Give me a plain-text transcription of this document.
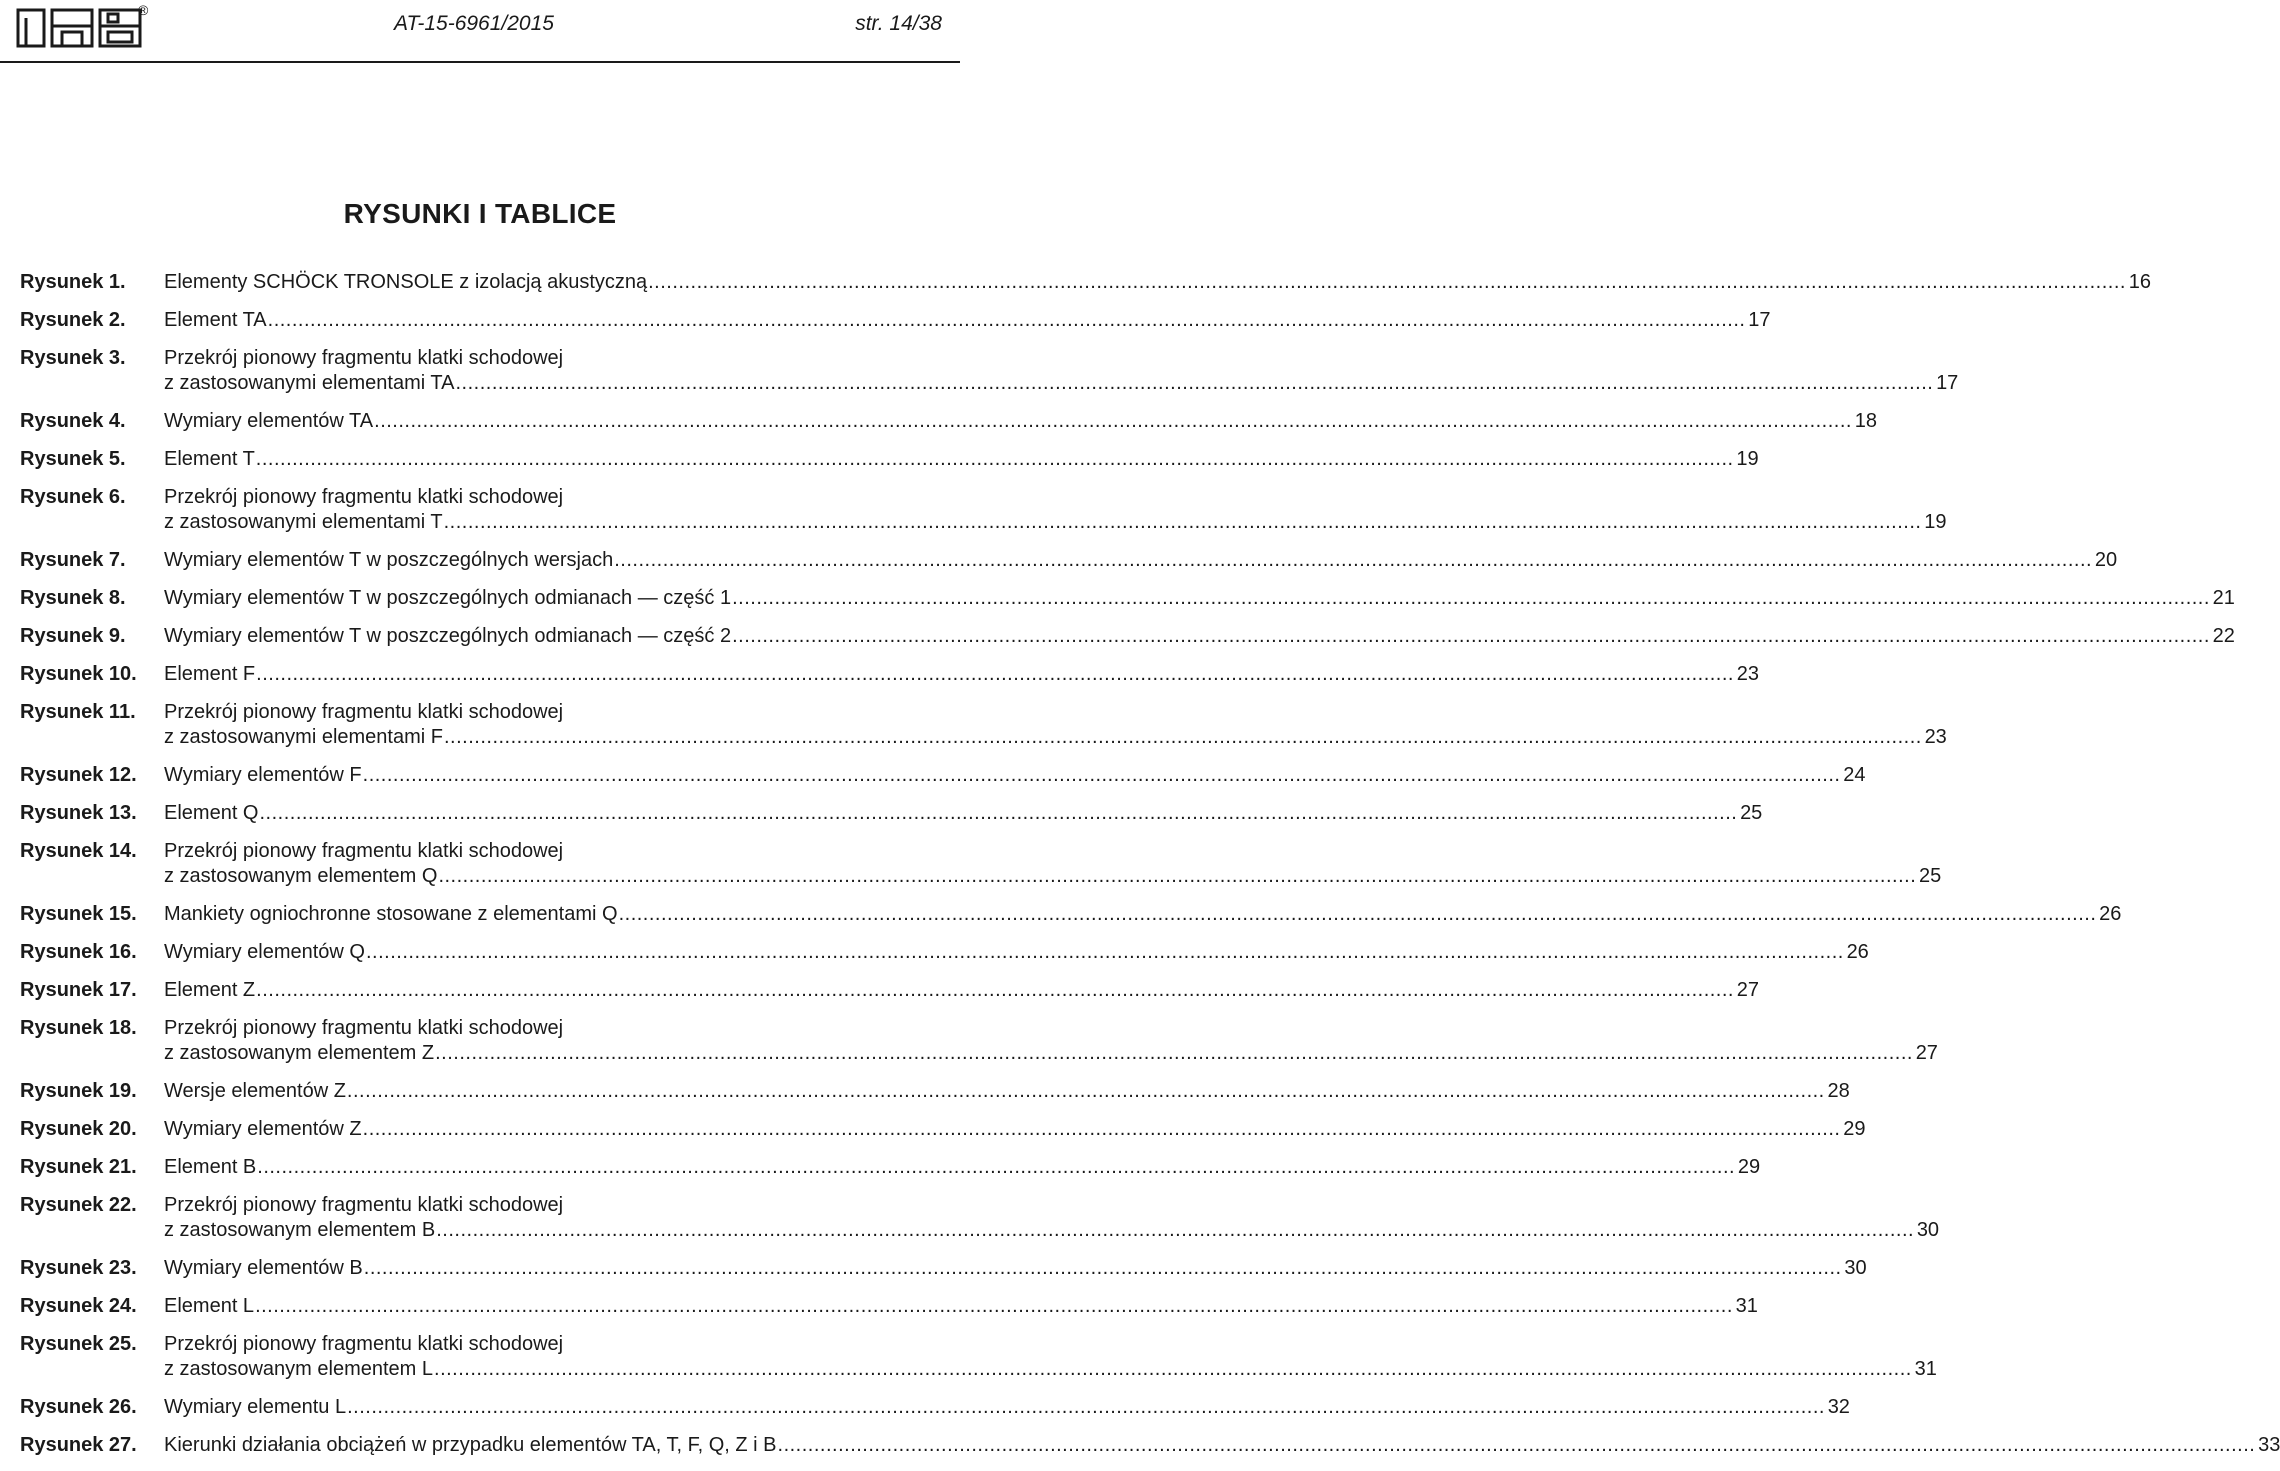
®
AT-15-6961/2015	str. 14/38
RYSUNKI I TABLICE
Rysunek 1.	Elementy SCHÖCK TRONSOLE z izolacją akustyczną .....	16
Rysunek 2.	Element TA .....	17
Rysunek 3.	Przekrój pionowy fragmentu klatki schodowej
z zastosowanymi elementami TA .....	17
Rysunek 4.	Wymiary elementów TA .....	18
Rysunek 5.	Element T .....	19
Rysunek 6.	Przekrój pionowy fragmentu klatki schodowej
z zastosowanymi elementami T .....	19
Rysunek 7.	Wymiary elementów T w poszczególnych wersjach .....	20
Rysunek 8.	Wymiary elementów T w poszczególnych odmianach — część 1 .....	21
Rysunek 9.	Wymiary elementów T w poszczególnych odmianach — część 2 .....	22
Rysunek 10.	Element F .....	23
Rysunek 11.	Przekrój pionowy fragmentu klatki schodowej
z zastosowanymi elementami F .....	23
Rysunek 12.	Wymiary elementów F .....	24
Rysunek 13.	Element Q .....	25
Rysunek 14.	Przekrój pionowy fragmentu klatki schodowej
z zastosowanym elementem Q .....	25
Rysunek 15.	Mankiety ogniochronne stosowane z elementami Q .....	26
Rysunek 16.	Wymiary elementów Q .....	26
Rysunek 17.	Element Z .....	27
Rysunek 18.	Przekrój pionowy fragmentu klatki schodowej
z zastosowanym elementem Z .....	27
Rysunek 19.	Wersje elementów Z .....	28
Rysunek 20.	Wymiary elementów Z .....	29
Rysunek 21.	Element B .....	29
Rysunek 22.	Przekrój pionowy fragmentu klatki schodowej
z zastosowanym elementem B .....	30
Rysunek 23.	Wymiary elementów B .....	30
Rysunek 24.	Element L .....	31
Rysunek 25.	Przekrój pionowy fragmentu klatki schodowej
z zastosowanym elementem L .....	31
Rysunek 26.	Wymiary elementu L .....	32
Rysunek 27.	Kierunki działania obciążeń w przypadku elementów TA, T, F, Q, Z i B .....	33
